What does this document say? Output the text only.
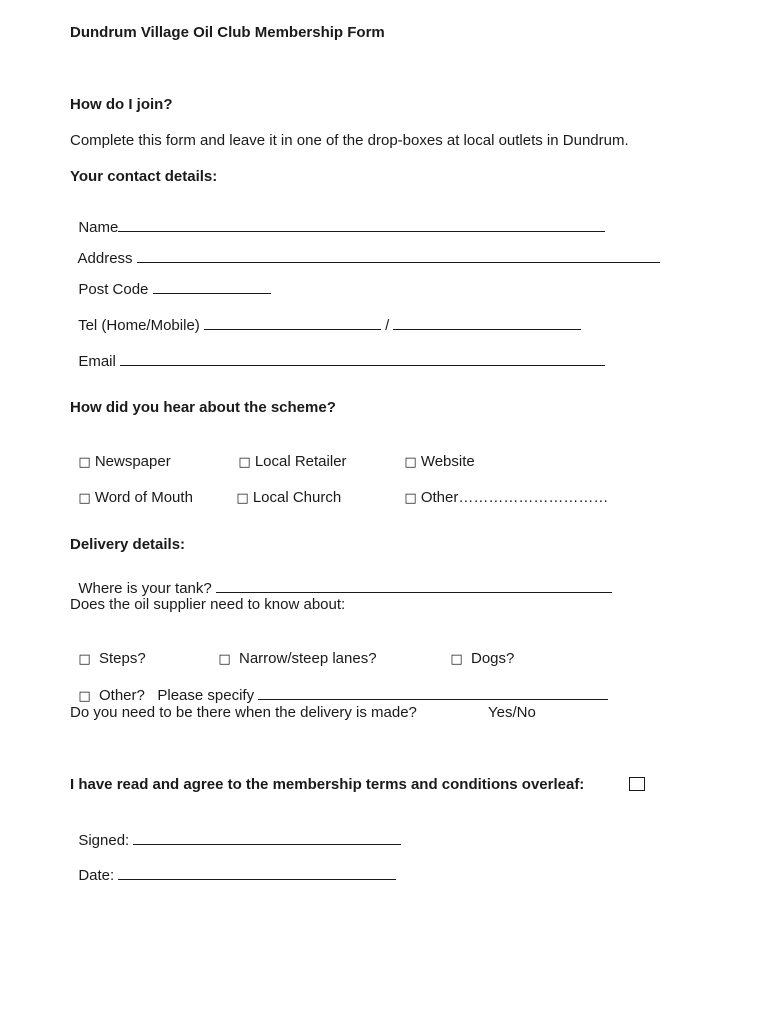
Dundrum Village Oil Club Membership Form
How do I join?
Complete this form and leave it in one of the drop-boxes at local outlets in Dundrum.
Your contact details:

Name

Address

Post Code

Tel (Home/Mobile)	/

Email

How did you hear about the scheme?

□ Newspaper	□ Local Retailer	□ Website

□ Word of Mouth	□ Local Church	□ Other…………………………

Delivery details:

Where is your tank?

Does the oil supplier need to know about:

□ Steps?	□ Narrow/steep lanes?	□ Dogs?

□ Other? Please specify

Do you need to be there when the delivery is made?	Yes/No
I have read and agree to the membership terms and conditions overleaf:

Signed:

Date:
